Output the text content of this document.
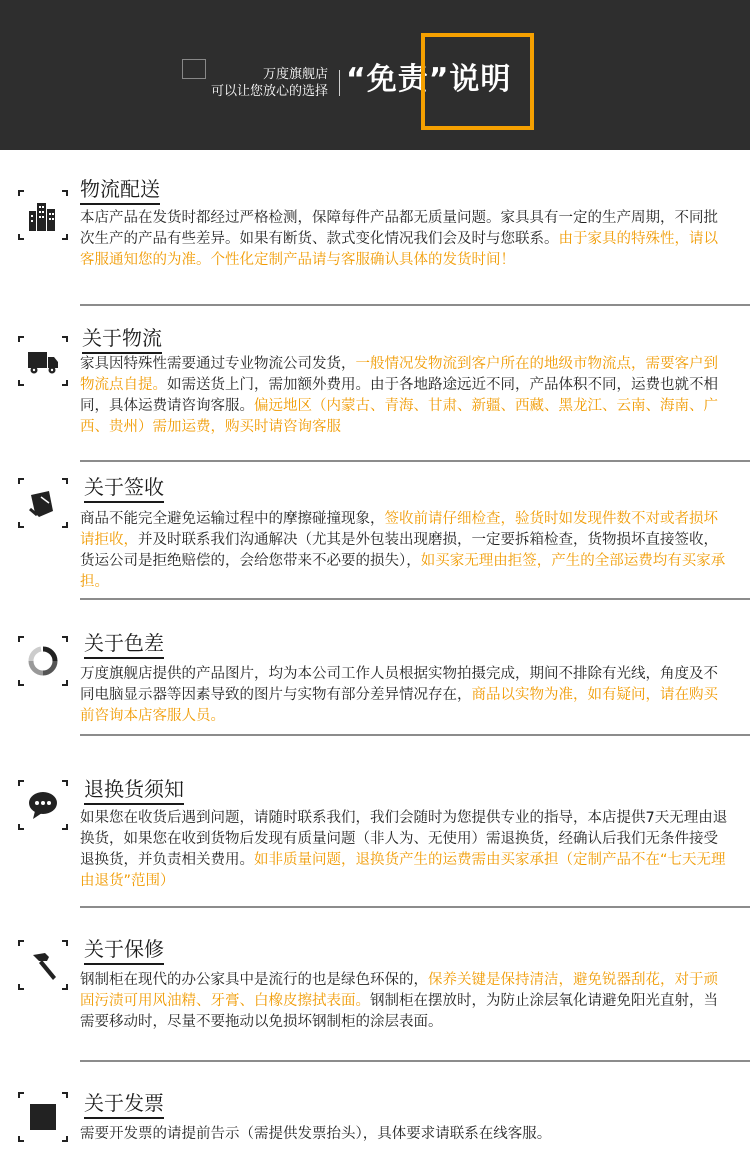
万度旗舰店
可以让您放心的选择 “免责”说明
物流配送
本店产品在发货时都经过严格检测，保障每件产品都无质量问题。家具具有一定的生产周期，不同批次生产的产品有些差异。如果有断货、款式变化情况我们会及时与您联系。由于家具的特殊性，请以客服通知您的为准。个性化定制产品请与客服确认具体的发货时间！
关于物流
家具因特殊性需要通过专业物流公司发货，一般情况发物流到客户所在的地级市物流点，需要客户到物流点自提。如需送货上门，需加额外费用。由于各地路途远近不同，产品体积不同，运费也就不相同，具体运费请咨询客服。偏远地区（内蒙古、青海、甘肃、新疆、西藏、黑龙江、云南、海南、广西、贵州）需加运费，购买时请咨询客服
关于签收
商品不能完全避免运输过程中的摩擦碰撞现象，签收前请仔细检查，验货时如发现件数不对或者损坏请拒收，并及时联系我们沟通解决（尤其是外包装出现磨损，一定要拆箱检查，货物损坏直接签收，货运公司是拒绝赔偿的，会给您带来不必要的损失），如买家无理由拒签，产生的全部运费均有买家承担。
关于色差
万度旗舰店提供的产品图片，均为本公司工作人员根据实物拍摄完成，期间不排除有光线，角度及不同电脑显示器等因素导致的图片与实物有部分差异情况存在，商品以实物为准，如有疑问，请在购买前咨询本店客服人员。
退换货须知
如果您在收货后遇到问题，请随时联系我们，我们会随时为您提供专业的指导，本店提供7天无理由退换货，如果您在收到货物后发现有质量问题（非人为、无使用）需退换货，经确认后我们无条件接受退换货，并负责相关费用。如非质量问题，退换货产生的运费需由买家承担（定制产品不在“七天无理由退货”范围）
关于保修
钢制柜在现代的办公家具中是流行的也是绿色环保的，保养关键是保持清洁，避免锐器刮花，对于顽固污渍可用风油精、牙膏、白橡皮擦拭表面。钢制柜在摆放时，为防止涂层氧化请避免阳光直射，当需要移动时，尽量不要拖动以免损坏钢制柜的涂层表面。
关于发票
需要开发票的请提前告示（需提供发票抬头），具体要求请联系在线客服。
